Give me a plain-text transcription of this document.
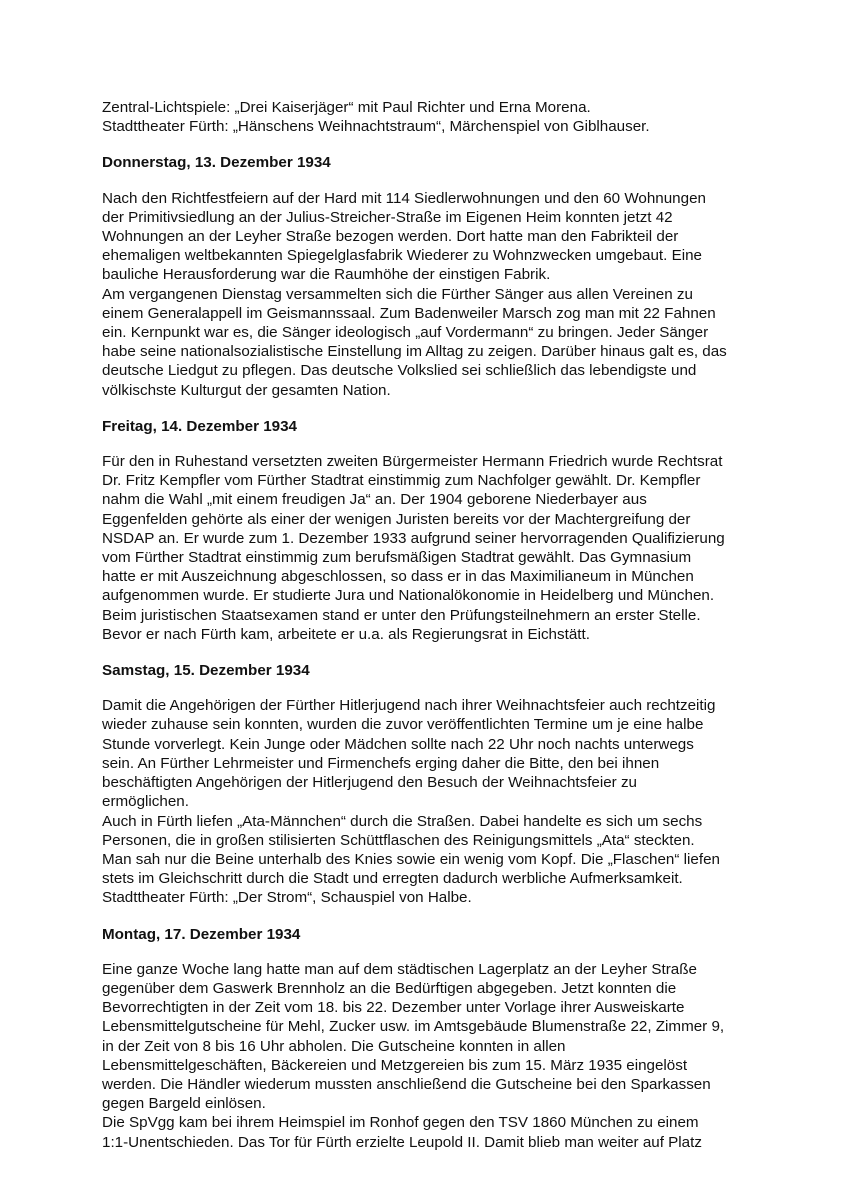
Zentral-Lichtspiele: „Drei Kaiserjäger“ mit Paul Richter und Erna Morena.
Stadttheater Fürth: „Hänschens Weihnachtstraum“, Märchenspiel von Giblhauser.
Donnerstag, 13. Dezember 1934
Nach den Richtfestfeiern auf der Hard mit 114 Siedlerwohnungen und den 60 Wohnungen
der Primitivsiedlung an der Julius-Streicher-Straße im Eigenen Heim konnten jetzt 42
Wohnungen an der Leyher Straße bezogen werden. Dort hatte man den Fabrikteil der
ehemaligen weltbekannten Spiegelglasfabrik Wiederer zu Wohnzwecken umgebaut. Eine
bauliche Herausforderung war die Raumhöhe der einstigen Fabrik.
Am vergangenen Dienstag versammelten sich die Fürther Sänger aus allen Vereinen zu
einem Generalappell im Geismannssaal. Zum Badenweiler Marsch zog man mit 22 Fahnen
ein. Kernpunkt war es, die Sänger ideologisch „auf Vordermann“ zu bringen. Jeder Sänger
habe seine nationalsozialistische Einstellung im Alltag zu zeigen. Darüber hinaus galt es, das
deutsche Liedgut zu pflegen. Das deutsche Volkslied sei schließlich das lebendigste und
völkischste Kulturgut der gesamten Nation.
Freitag, 14. Dezember 1934
Für den in Ruhestand versetzten zweiten Bürgermeister Hermann Friedrich wurde Rechtsrat
Dr. Fritz Kempfler vom Fürther Stadtrat einstimmig zum Nachfolger gewählt. Dr. Kempfler
nahm die Wahl „mit einem freudigen Ja“ an. Der 1904 geborene Niederbayer aus
Eggenfelden gehörte als einer der wenigen Juristen bereits vor der Machtergreifung der
NSDAP an. Er wurde zum 1. Dezember 1933 aufgrund seiner hervorragenden Qualifizierung
vom Fürther Stadtrat einstimmig zum berufsmäßigen Stadtrat gewählt. Das Gymnasium
hatte er mit Auszeichnung abgeschlossen, so dass er in das Maximilianeum in München
aufgenommen wurde. Er studierte Jura und Nationalökonomie in Heidelberg und München.
Beim juristischen Staatsexamen stand er unter den Prüfungsteilnehmern an erster Stelle.
Bevor er nach Fürth kam, arbeitete er u.a. als Regierungsrat in Eichstätt.
Samstag, 15. Dezember 1934
Damit die Angehörigen der Fürther Hitlerjugend nach ihrer Weihnachtsfeier auch rechtzeitig
wieder zuhause sein konnten, wurden die zuvor veröffentlichten Termine um je eine halbe
Stunde vorverlegt. Kein Junge oder Mädchen sollte nach 22 Uhr noch nachts unterwegs
sein. An Fürther Lehrmeister und Firmenchefs erging daher die Bitte, den bei ihnen
beschäftigten Angehörigen der Hitlerjugend den Besuch der Weihnachtsfeier zu
ermöglichen.
Auch in Fürth liefen „Ata-Männchen“ durch die Straßen. Dabei handelte es sich um sechs
Personen, die in großen stilisierten Schüttflaschen des Reinigungsmittels „Ata“ steckten.
Man sah nur die Beine unterhalb des Knies sowie ein wenig vom Kopf. Die „Flaschen“ liefen
stets im Gleichschritt durch die Stadt und erregten dadurch werbliche Aufmerksamkeit.
Stadttheater Fürth: „Der Strom“, Schauspiel von Halbe.
Montag, 17. Dezember 1934
Eine ganze Woche lang hatte man auf dem städtischen Lagerplatz an der Leyher Straße
gegenüber dem Gaswerk Brennholz an die Bedürftigen abgegeben. Jetzt konnten die
Bevorrechtigten in der Zeit vom 18. bis 22. Dezember unter Vorlage ihrer Ausweiskarte
Lebensmittelgutscheine für Mehl, Zucker usw. im Amtsgebäude Blumenstraße 22, Zimmer 9,
in der Zeit von 8 bis 16 Uhr abholen. Die Gutscheine konnten in allen
Lebensmittelgeschäften, Bäckereien und Metzgereien bis zum 15. März 1935 eingelöst
werden. Die Händler wiederum mussten anschließend die Gutscheine bei den Sparkassen
gegen Bargeld einlösen.
Die SpVgg kam bei ihrem Heimspiel im Ronhof gegen den TSV 1860 München zu einem
1:1-Unentschieden. Das Tor für Fürth erzielte Leupold II. Damit blieb man weiter auf Platz
